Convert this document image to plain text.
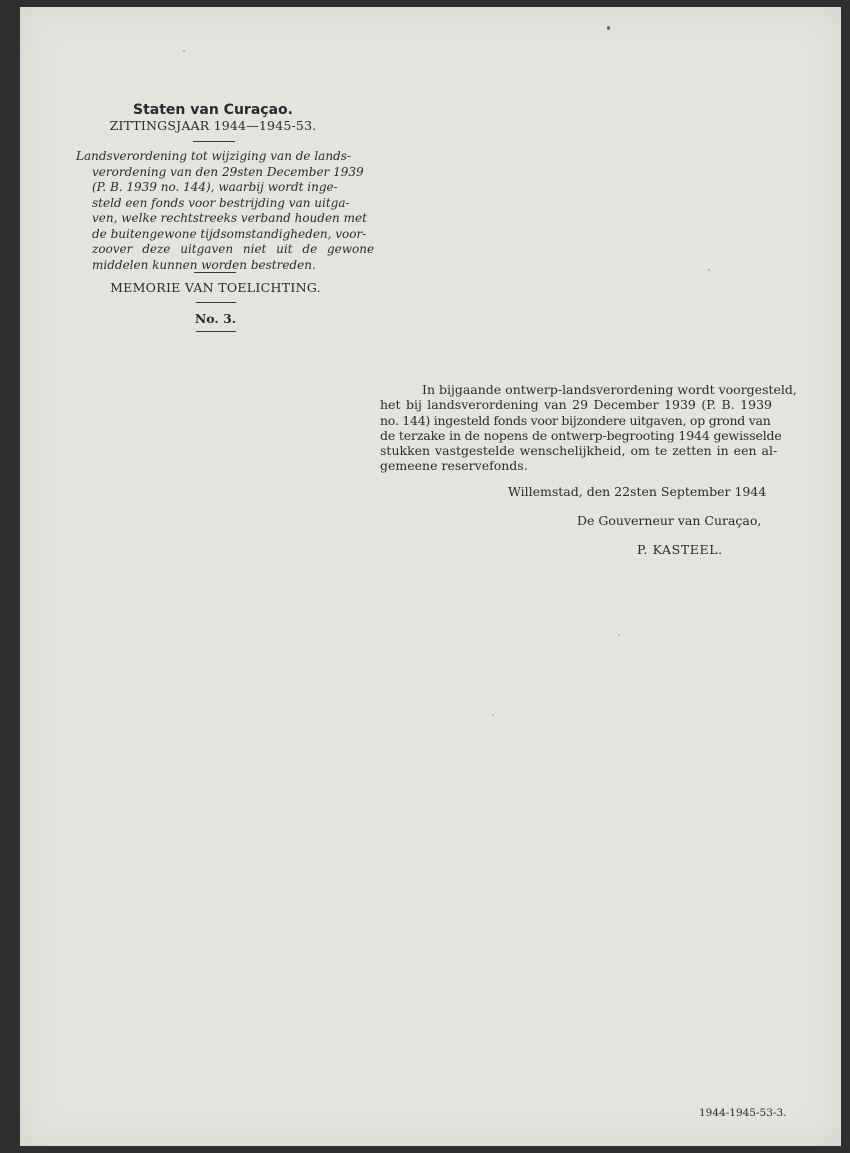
Staten van Curaçao.
ZITTINGSJAAR 1944—1945-53.
Landsverordening tot wijziging van de lands-
verordening van den 29sten December 1939
(P. B. 1939 no. 144), waarbij wordt inge-
steld een fonds voor bestrijding van uitga-
ven, welke rechtstreeks verband houden met
de buitengewone tijdsomstandigheden, voor-
zoover deze uitgaven niet uit de gewone
middelen kunnen worden bestreden.
MEMORIE VAN TOELICHTING.
No. 3.
In bijgaande ontwerp-landsverordening wordt voorgesteld,
het bij landsverordening van 29 December 1939 (P. B. 1939
no. 144) ingesteld fonds voor bijzondere uitgaven, op grond van
de terzake in de nopens de ontwerp-begrooting 1944 gewisselde
stukken vastgestelde wenschelijkheid, om te zetten in een al-
gemeene reservefonds.
Willemstad, den 22sten September 1944
De Gouverneur van Curaçao,
P. KASTEEL.
1944-1945-53-3.
